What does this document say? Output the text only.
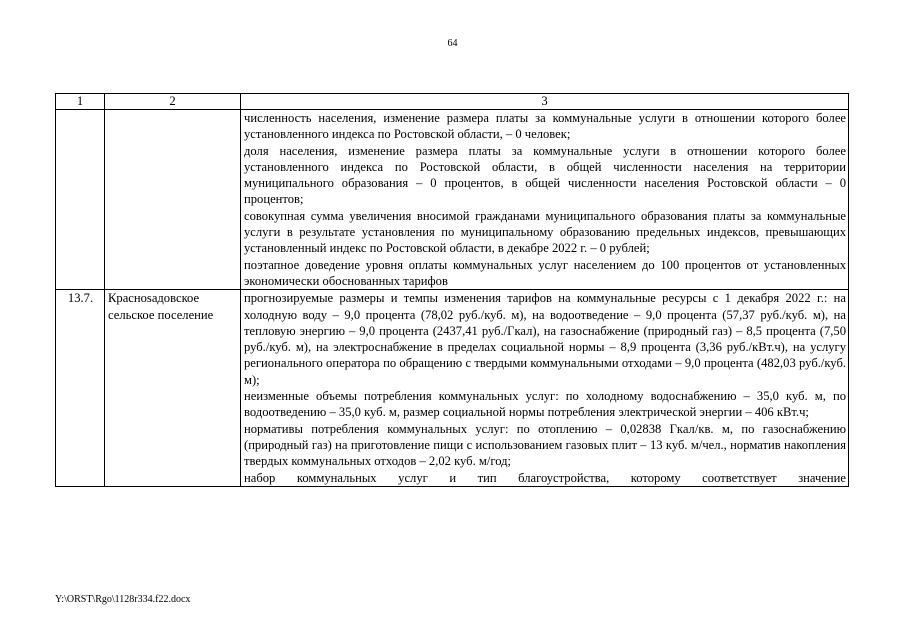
64
1	2	3

		численность населения, изменение размера платы за коммунальные услуги в отношении которого более установленного индекса по Ростовской области, – 0 человек;

доля населения, изменение размера платы за коммунальные услуги в отношении которого более установленного индекса по Ростовской области, в общей численности населения на территории муниципального образования – 0 процентов, в общей численности населения Ростовской области – 0 процентов;

совокупная сумма увеличения вносимой гражданами муниципального образования платы за коммунальные услуги в результате установления по муниципальному образованию предельных индексов, превышающих установленный индекс по Ростовской области, в декабре 2022 г. – 0 рублей;

поэтапное доведение уровня оплаты коммунальных услуг населением до 100 процентов от установленных экономически обоснованных тарифов

13.7.	Краснosадовское сельское поселение	прогнозируемые размеры и темпы изменения тарифов на коммунальные ресурсы с 1 декабря 2022 г.: на холодную воду – 9,0 процента (78,02 руб./куб. м), на водоотведение – 9,0 процента (57,37 руб./куб. м), на тепловую энергию – 9,0 процента (2437,41 руб./Гкал), на газоснабжение (природный газ) – 8,5 процента (7,50 руб./куб. м), на электроснабжение в пределах социальной нормы – 8,9 процента (3,36 руб./кВт.ч), на услугу регионального оператора по обращению с твердыми коммунальными отходами – 9,0 процента (482,03 руб./куб. м);

неизменные объемы потребления коммунальных услуг: по холодному водоснабжению – 35,0 куб. м, по водоотведению – 35,0 куб. м, размер социальной нормы потребления электрической энергии – 406 кВт.ч;

нормативы потребления коммунальных услуг: по отоплению – 0,02838 Гкал/кв. м, по газоснабжению (природный газ) на приготовление пищи с использованием газовых плит – 13 куб. м/чел., норматив накопления твердых коммунальных отходов – 2,02 куб. м/год;

набор коммунальных услуг и тип благоустройства, которому соответствует значение

Y:\ORST\Rgo\1128r334.f22.docx
